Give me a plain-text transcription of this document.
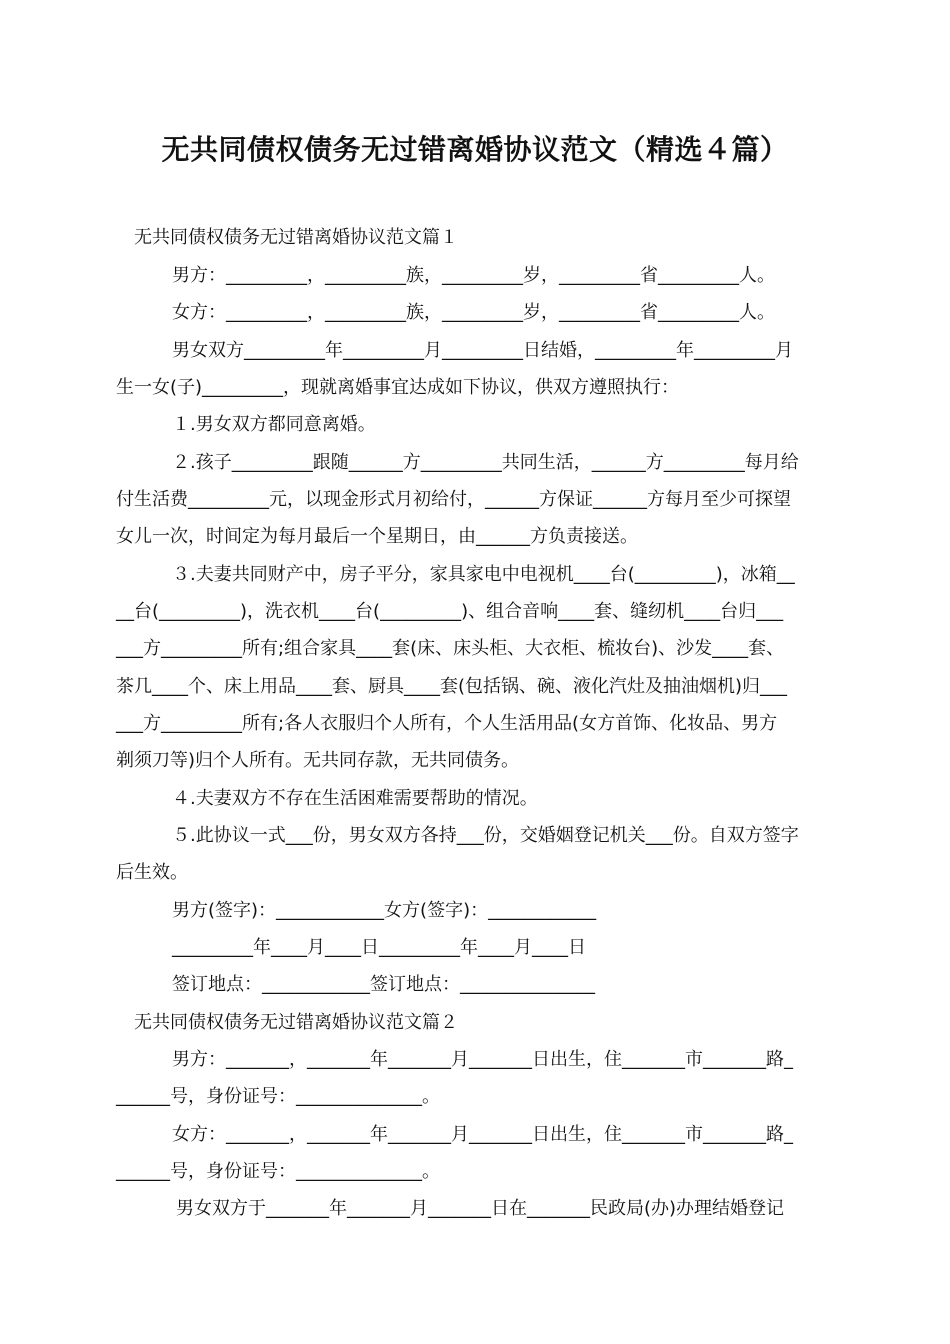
无共同债权债务无过错离婚协议范文（精选４篇）
无共同债权债务无过错离婚协议范文篇１
男方：_________，_________族，_________岁，_________省_________人。
女方：_________，_________族，_________岁，_________省_________人。
男女双方_________年_________月_________日结婚，_________年_________月
生一女(子)_________，现就离婚事宜达成如下协议，供双方遵照执行：
１.男女双方都同意离婚。
２.孩子_________跟随______方_________共同生活，______方_________每月给
付生活费_________元，以现金形式月初给付，______方保证______方每月至少可探望
女儿一次，时间定为每月最后一个星期日，由______方负责接送。
３.夫妻共同财产中，房子平分，家具家电中电视机____台(_________)，冰箱__
__台(_________)，洗衣机____台(_________)、组合音响____套、缝纫机____台归___
___方_________所有;组合家具____套(床、床头柜、大衣柜、梳妆台)、沙发____套、
茶几____个、床上用品____套、厨具____套(包括锅、碗、液化汽灶及抽油烟机)归___
___方_________所有;各人衣服归个人所有，个人生活用品(女方首饰、化妆品、男方
剃须刀等)归个人所有。无共同存款，无共同债务。
４.夫妻双方不存在生活困难需要帮助的情况。
５.此协议一式___份，男女双方各持___份，交婚姻登记机关___份。自双方签字
后生效。
男方(签字)：____________女方(签字)：____________
_________年____月____日_________年____月____日
签订地点：____________签订地点：_______________
无共同债权债务无过错离婚协议范文篇２
男方：_______，_______年_______月_______日出生，住_______市_______路_
______号，身份证号：______________。
女方：_______，_______年_______月_______日出生，住_______市_______路_
______号，身份证号：______________。
男女双方于_______年_______月_______日在_______民政局(办)办理结婚登记
